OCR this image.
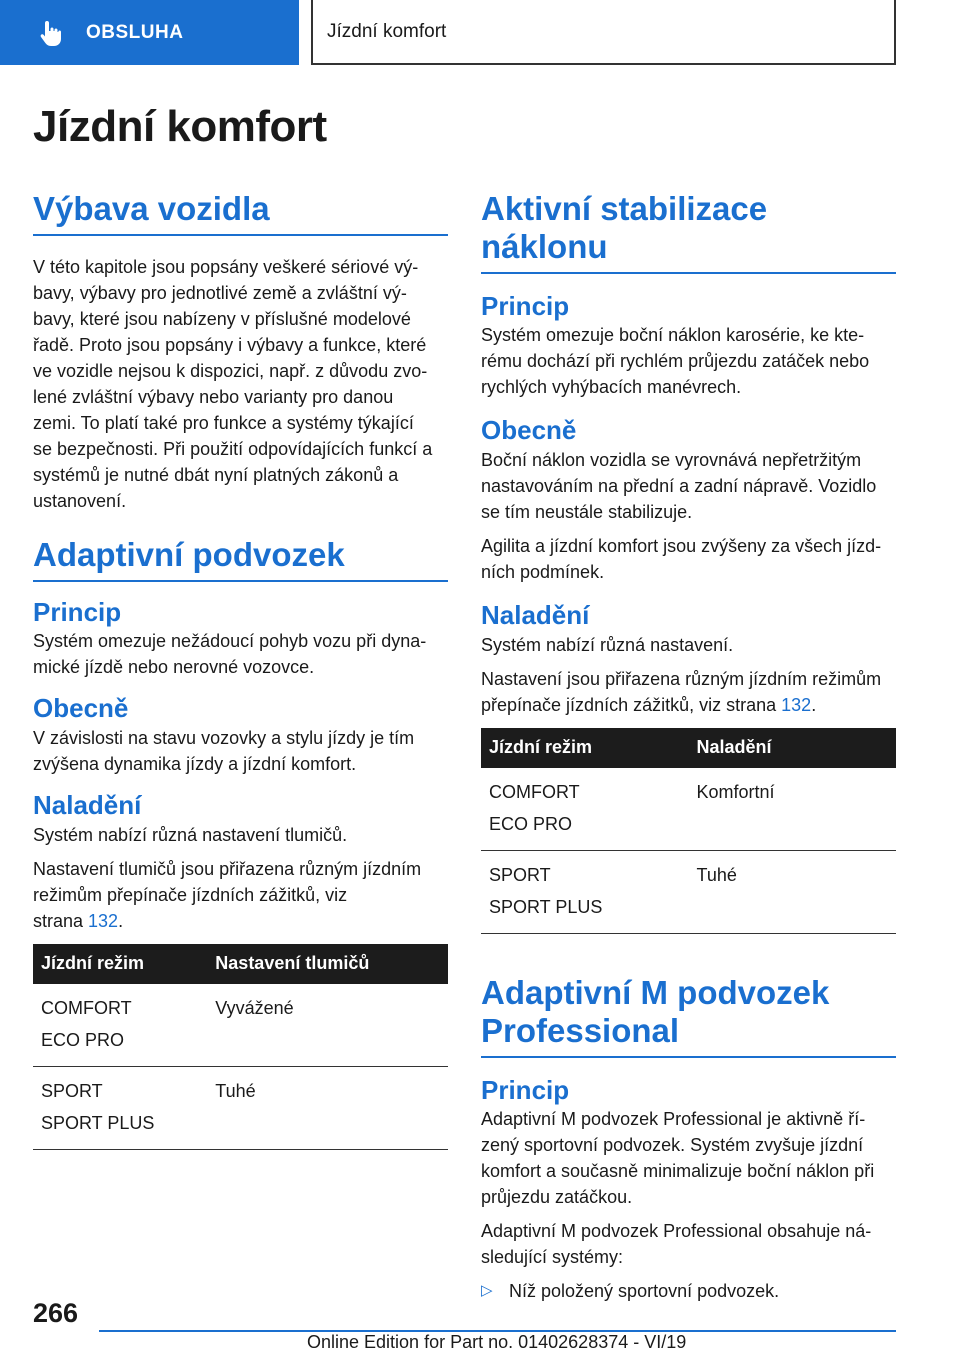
OBSLUHA	Jízdní komfort
Jízdní komfort
Výbava vozidla

V této kapitole jsou popsány veškeré sériové vý-
bavy, výbavy pro jednotlivé země a zvláštní vý-
bavy, které jsou nabízeny v příslušné modelové
řadě. Proto jsou popsány i výbavy a funkce, které
ve vozidle nejsou k dispozici, např. z důvodu zvo-
lené zvláštní výbavy nebo varianty pro danou
zemi. To platí také pro funkce a systémy týkající
se bezpečnosti. Při použití odpovídajících funkcí a
systémů je nutné dbát nyní platných zákonů a
ustanovení.

Adaptivní podvozek
Princip

Systém omezuje nežádoucí pohyb vozu při dyna-
mické jízdě nebo nerovné vozovce.

Obecně

V závislosti na stavu vozovky a stylu jízdy je tím
zvýšena dynamika jízdy a jízdní komfort.

Naladění

Systém nabízí různá nastavení tlumičů.

Nastavení tlumičů jsou přiřazena různým jízdním
režimům přepínače jízdních zážitků, viz
strana 132.

Jízdní režim	Nastavení tlumičů
COMFORT
ECO PRO	Vyvážené
SPORT
SPORT PLUS	Tuhé
Aktivní stabilizace náklonu
Princip

Systém omezuje boční náklon karosérie, ke kte-
rému dochází při rychlém průjezdu zatáček nebo
rychlých vyhýbacích manévrech.

Obecně

Boční náklon vozidla se vyrovnává nepřetržitým
nastavováním na přední a zadní nápravě. Vozidlo
se tím neustále stabilizuje.

Agilita a jízdní komfort jsou zvýšeny za všech jízd-
ních podmínek.

Naladění

Systém nabízí různá nastavení.

Nastavení jsou přiřazena různým jízdním režimům
přepínače jízdních zážitků, viz strana 132.

Jízdní režim	Naladění
COMFORT
ECO PRO	Komfortní
SPORT
SPORT PLUS	Tuhé
Adaptivní M podvozek
Professional
Princip

Adaptivní M podvozek Professional je aktivně ří-
zený sportovní podvozek. Systém zvyšuje jízdní
komfort a současně minimalizuje boční náklon při
průjezdu zatáčkou.

Adaptivní M podvozek Professional obsahuje ná-
sledující systémy:

▷ Níž položený sportovní podvozek.
266
Online Edition for Part no. 01402628374 - VI/19
